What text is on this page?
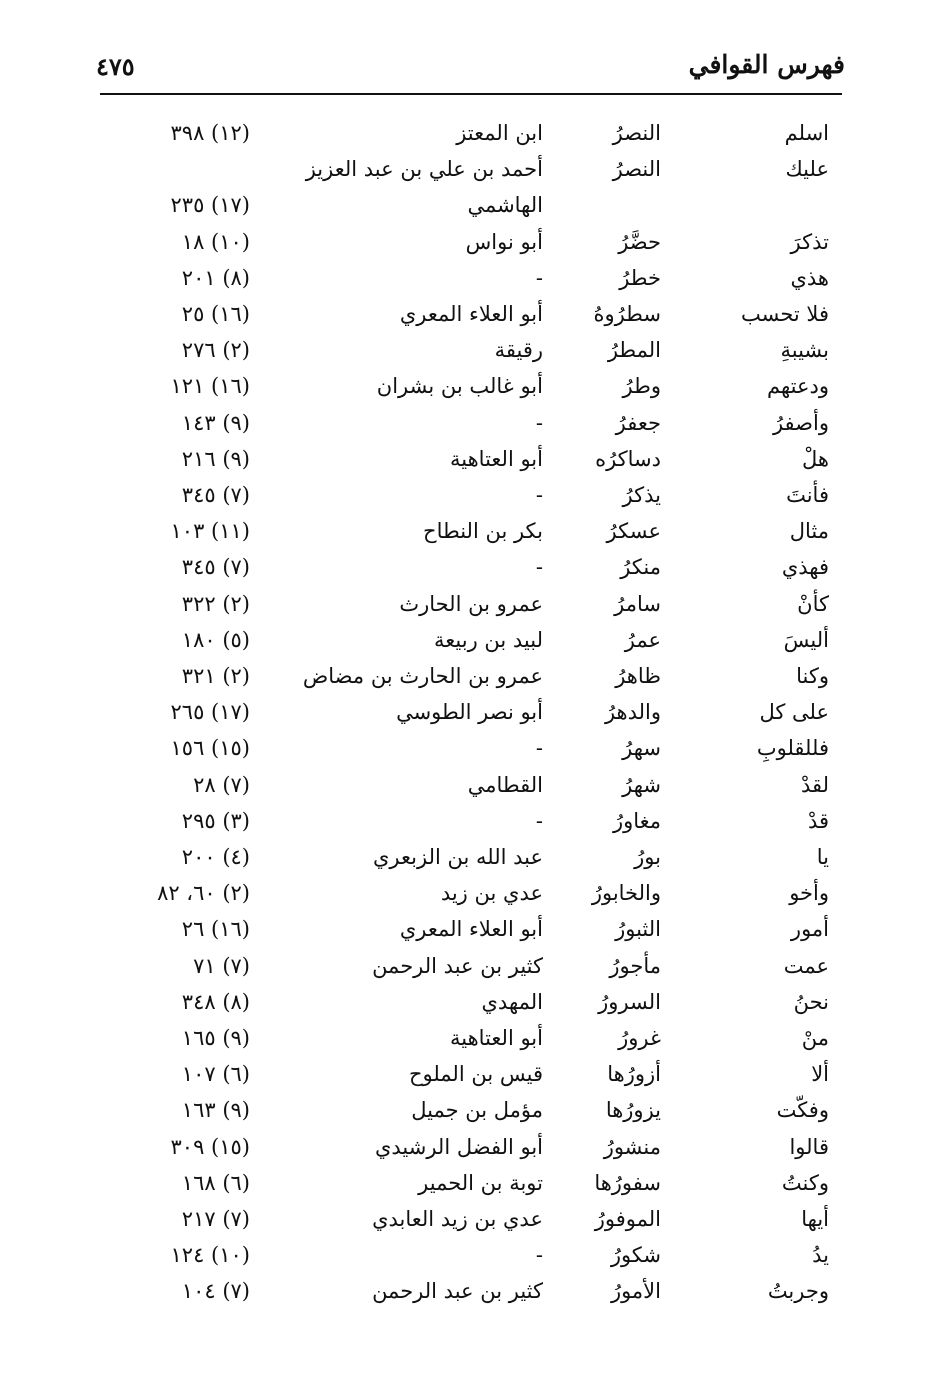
فهرس القوافي
٤٧٥
اسلم
النصرُ
ابن المعتز
(١٢) ٣٩٨
عليك
النصرُ
أحمد بن علي بن عبد العزيز
الهاشمي
(١٧) ٢٣٥
تذكرَ
حضَّرُ
أبو نواس
(١٠) ١٨
هذي
خطرُ
-
(٨) ٢٠١
فلا تحسب
سطرُوهُ
أبو العلاء المعري
(١٦) ٢٥
بشيبةِ
المطرُ
رقيقة
(٢) ٢٧٦
ودعتهم
وطرُ
أبو غالب بن بشران
(١٦) ١٢١
وأصفرُ
جعفرُ
-
(٩) ١٤٣
هلْ
دساكرُه
أبو العتاهية
(٩) ٢١٦
فأنتَ
يذكرُ
-
(٧) ٣٤٥
مثال
عسكرُ
بكر بن النطاح
(١١) ١٠٣
فهذي
منكرُ
-
(٧) ٣٤٥
كأنْ
سامرُ
عمرو بن الحارث
(٢) ٣٢٢
أليسَ
عمرُ
لبيد بن ربيعة
(٥) ١٨٠
وكنا
ظاهرُ
عمرو بن الحارث بن مضاض
(٢) ٣٢١
على كل
والدهرُ
أبو نصر الطوسي
(١٧) ٢٦٥
فللقلوبِ
سهرُ
-
(١٥) ١٥٦
لقدْ
شهرُ
القطامي
(٧) ٢٨
قدْ
مغاورُ
-
(٣) ٢٩٥
يا
بورُ
عبد الله بن الزبعري
(٤) ٢٠٠
وأخو
والخابورُ
عدي بن زيد
(٢) ٦٠، ٨٢
أمور
الثبورُ
أبو العلاء المعري
(١٦) ٢٦
عمت
مأجورُ
كثير بن عبد الرحمن
(٧) ٧١
نحنُ
السرورُ
المهدي
(٨) ٣٤٨
منْ
غرورُ
أبو العتاهية
(٩) ١٦٥
ألا
أزورُها
قيس بن الملوح
(٦) ١٠٧
وفكّت
يزورُها
مؤمل بن جميل
(٩) ١٦٣
قالوا
منشورُ
أبو الفضل الرشيدي
(١٥) ٣٠٩
وكنتُ
سفورُها
توبة بن الحمير
(٦) ١٦٨
أيها
الموفورُ
عدي بن زيد العابدي
(٧) ٢١٧
يدُ
شكورُ
-
(١٠) ١٢٤
وجربتُ
الأمورُ
كثير بن عبد الرحمن
(٧) ١٠٤
